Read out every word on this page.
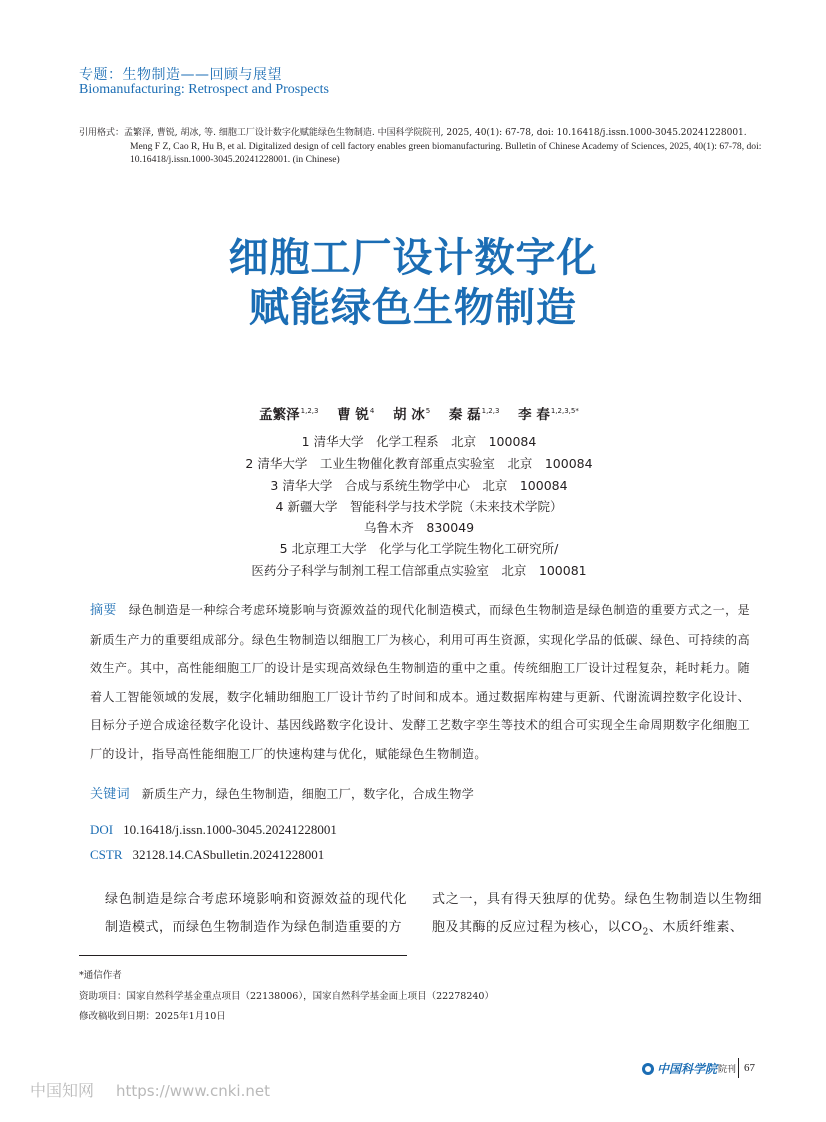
专题：生物制造——回顾与展望
Biomanufacturing: Retrospect and Prospects
引用格式：孟繁泽, 曹锐, 胡冰, 等. 细胞工厂设计数字化赋能绿色生物制造. 中国科学院院刊, 2025, 40(1): 67-78, doi: 10.16418/j.issn.1000-3045.20241228001.
Meng F Z, Cao R, Hu B, et al. Digitalized design of cell factory enables green biomanufacturing. Bulletin of Chinese Academy of Sciences, 2025, 40(1): 67-78, doi: 10.16418/j.issn.1000-3045.20241228001. (in Chinese)
细胞工厂设计数字化
赋能绿色生物制造
孟繁泽$^{1,2,3}$ 曹 锐$^4$ 胡 冰$^5$ 秦 磊$^{1,2,3}$ 李 春$^{1,2,3,5*}$
1 清华大学　化学工程系　北京　100084
2 清华大学　工业生物催化教育部重点实验室　北京　100084
3 清华大学　合成与系统生物学中心　北京　100084
4 新疆大学　智能科学与技术学院（未来技术学院）
乌鲁木齐　830049
5 北京理工大学　化学与化工学院生物化工研究所/
医药分子科学与制剂工程工信部重点实验室　北京　100081
摘要 绿色制造是一种综合考虑环境影响与资源效益的现代化制造模式，而绿色生物制造是绿色制造的重要方式之一，是新质生产力的重要组成部分。绿色生物制造以细胞工厂为核心，利用可再生资源，实现化学品的低碳、绿色、可持续的高效生产。其中，高性能细胞工厂的设计是实现高效绿色生物制造的重中之重。传统细胞工厂设计过程复杂，耗时耗力。随着人工智能领域的发展，数字化辅助细胞工厂设计节约了时间和成本。通过数据库构建与更新、代谢流调控数字化设计、目标分子逆合成途径数字化设计、基因线路数字化设计、发酵工艺数字孪生等技术的组合可实现全生命周期数字化细胞工厂的设计，指导高性能细胞工厂的快速构建与优化，赋能绿色生物制造。
关键词 新质生产力，绿色生物制造，细胞工厂，数字化，合成生物学
DOI 10.16418/j.issn.1000-3045.20241228001
CSTR 32128.14.CASbulletin.20241228001
绿色制造是综合考虑环境影响和资源效益的现代化制造模式，而绿色生物制造作为绿色制造重要的方
式之一，具有得天独厚的优势。绿色生物制造以生物细胞及其酶的反应过程为核心，以$CO_2$、木质纤维素、
*通信作者
资助项目：国家自然科学基金重点项目（22138006），国家自然科学基金面上项目（22278240）
修改稿收到日期：2025年1月10日
中国科学院 院刊 67
中国知网 https://www.cnki.net
